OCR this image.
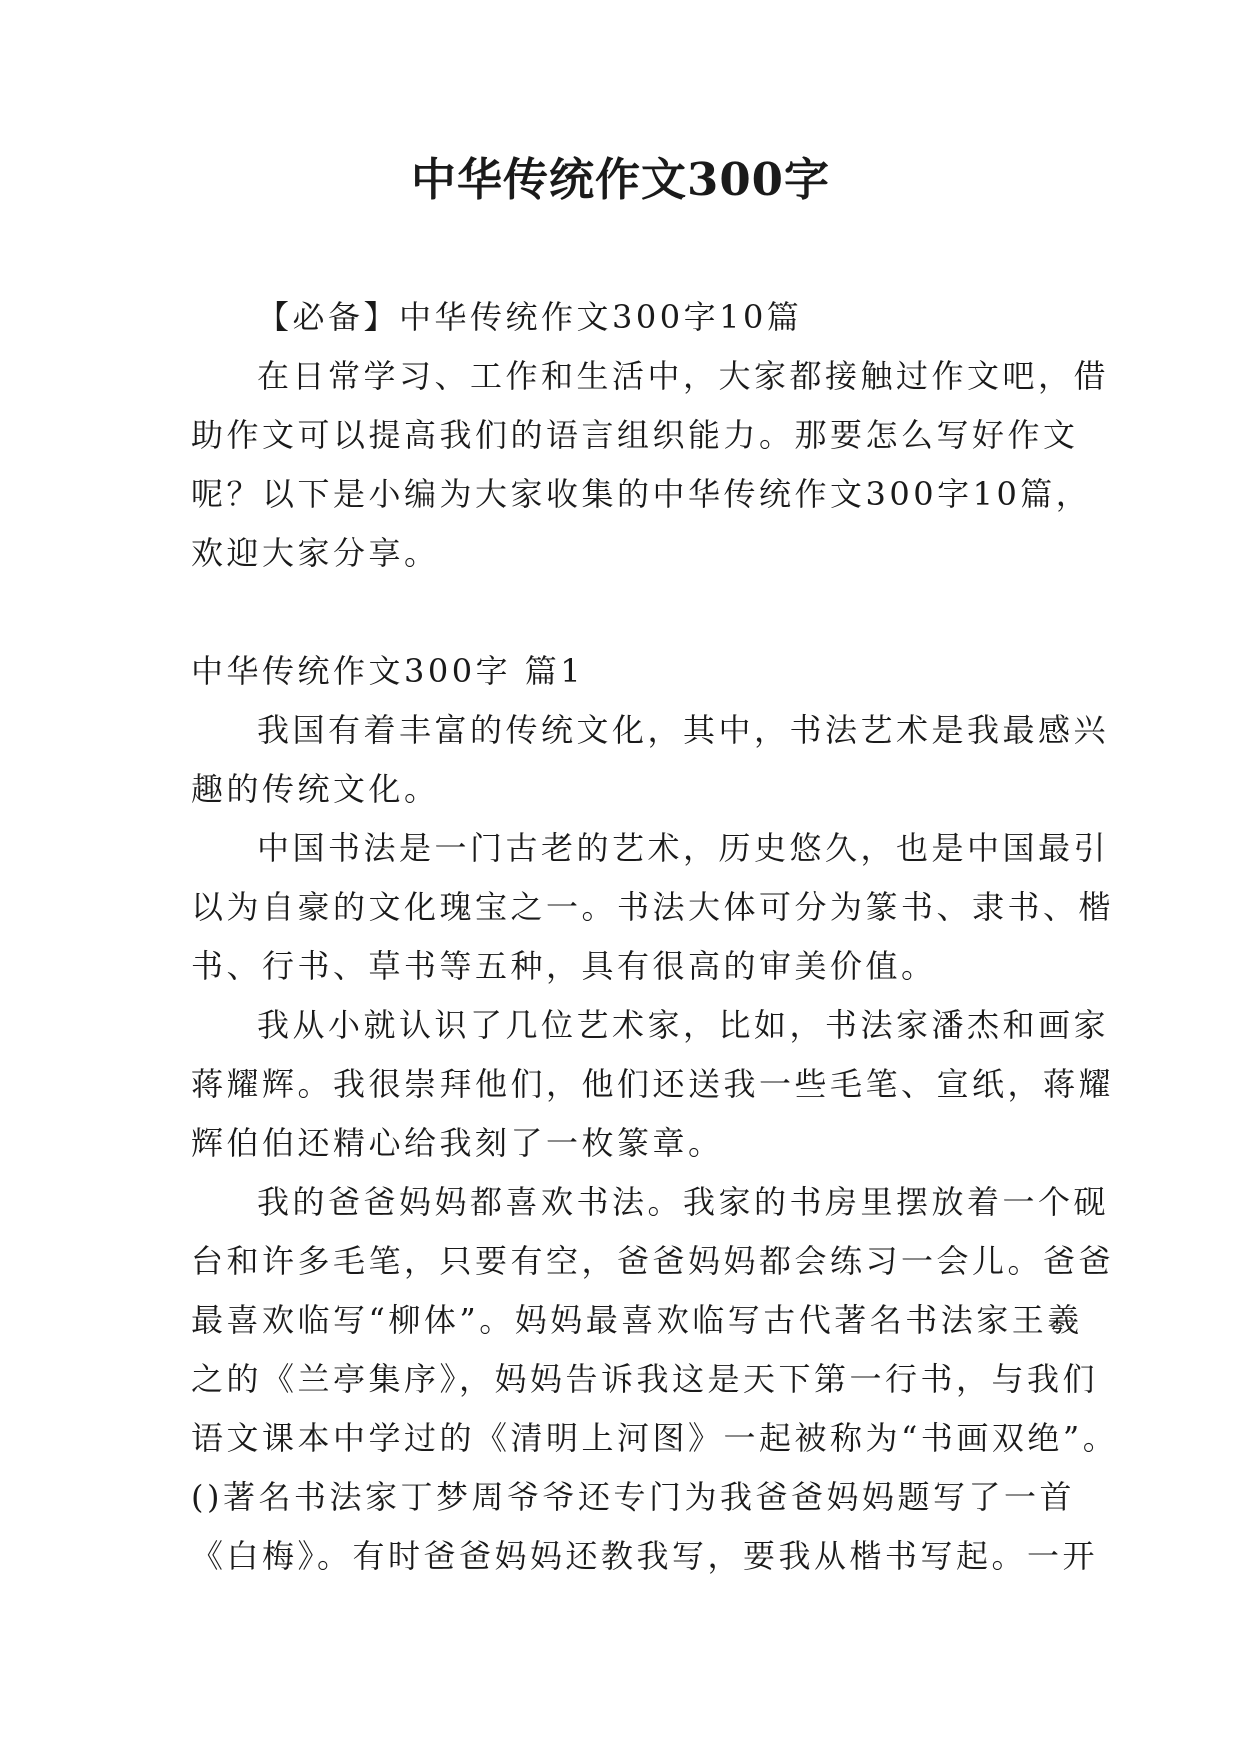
中华传统作文300字
【必备】中华传统作文300字10篇
在日常学习、工作和生活中，大家都接触过作文吧，借
助作文可以提高我们的语言组织能力。那要怎么写好作文
呢？以下是小编为大家收集的中华传统作文300字10篇，
欢迎大家分享。
中华传统作文300字 篇1
我国有着丰富的传统文化，其中，书法艺术是我最感兴
趣的传统文化。
中国书法是一门古老的艺术，历史悠久，也是中国最引
以为自豪的文化瑰宝之一。书法大体可分为篆书、隶书、楷
书、行书、草书等五种，具有很高的审美价值。
我从小就认识了几位艺术家，比如，书法家潘杰和画家
蒋耀辉。我很崇拜他们，他们还送我一些毛笔、宣纸，蒋耀
辉伯伯还精心给我刻了一枚篆章。
我的爸爸妈妈都喜欢书法。我家的书房里摆放着一个砚
台和许多毛笔，只要有空，爸爸妈妈都会练习一会儿。爸爸
最喜欢临写“柳体”。妈妈最喜欢临写古代著名书法家王羲
之的《兰亭集序》，妈妈告诉我这是天下第一行书，与我们
语文课本中学过的《清明上河图》一起被称为“书画双绝”。
()著名书法家丁梦周爷爷还专门为我爸爸妈妈题写了一首
《白梅》。有时爸爸妈妈还教我写，要我从楷书写起。一开
